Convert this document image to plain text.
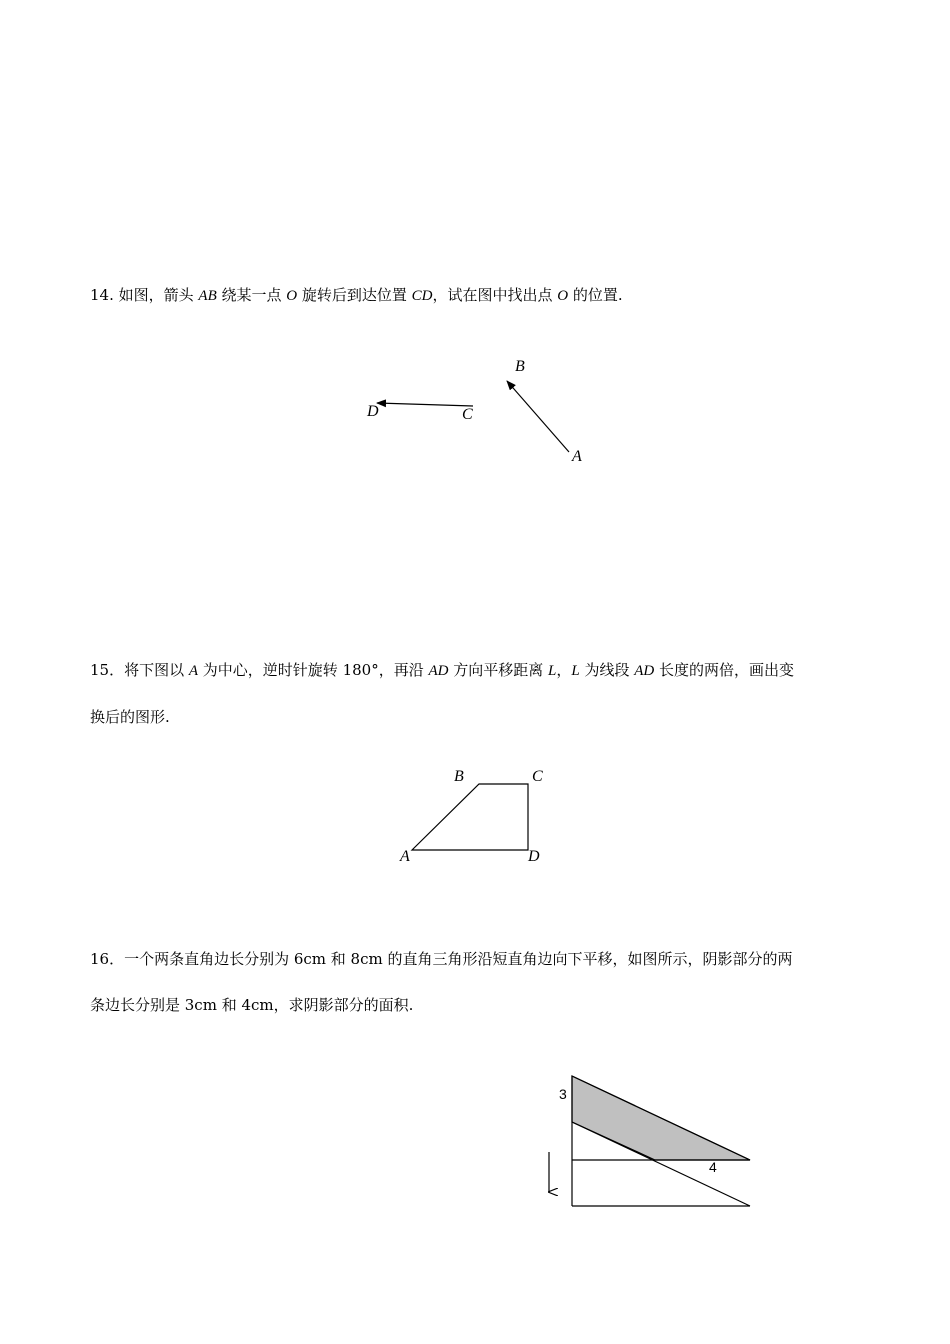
14. 如图，箭头 AB 绕某一点 O 旋转后到达位置 CD，试在图中找出点 O 的位置.
B
A
D	C
15．将下图以 A 为中心，逆时针旋转 180°，再沿 AD 方向平移距离 L，L 为线段 AD 长度的两倍，画出变
换后的图形.
A
B	C
D
16．一个两条直角边长分别为 6cm 和 8cm 的直角三角形沿短直角边向下平移，如图所示，阴影部分的两
条边长分别是 3cm 和 4cm，求阴影部分的面积.
3
4
